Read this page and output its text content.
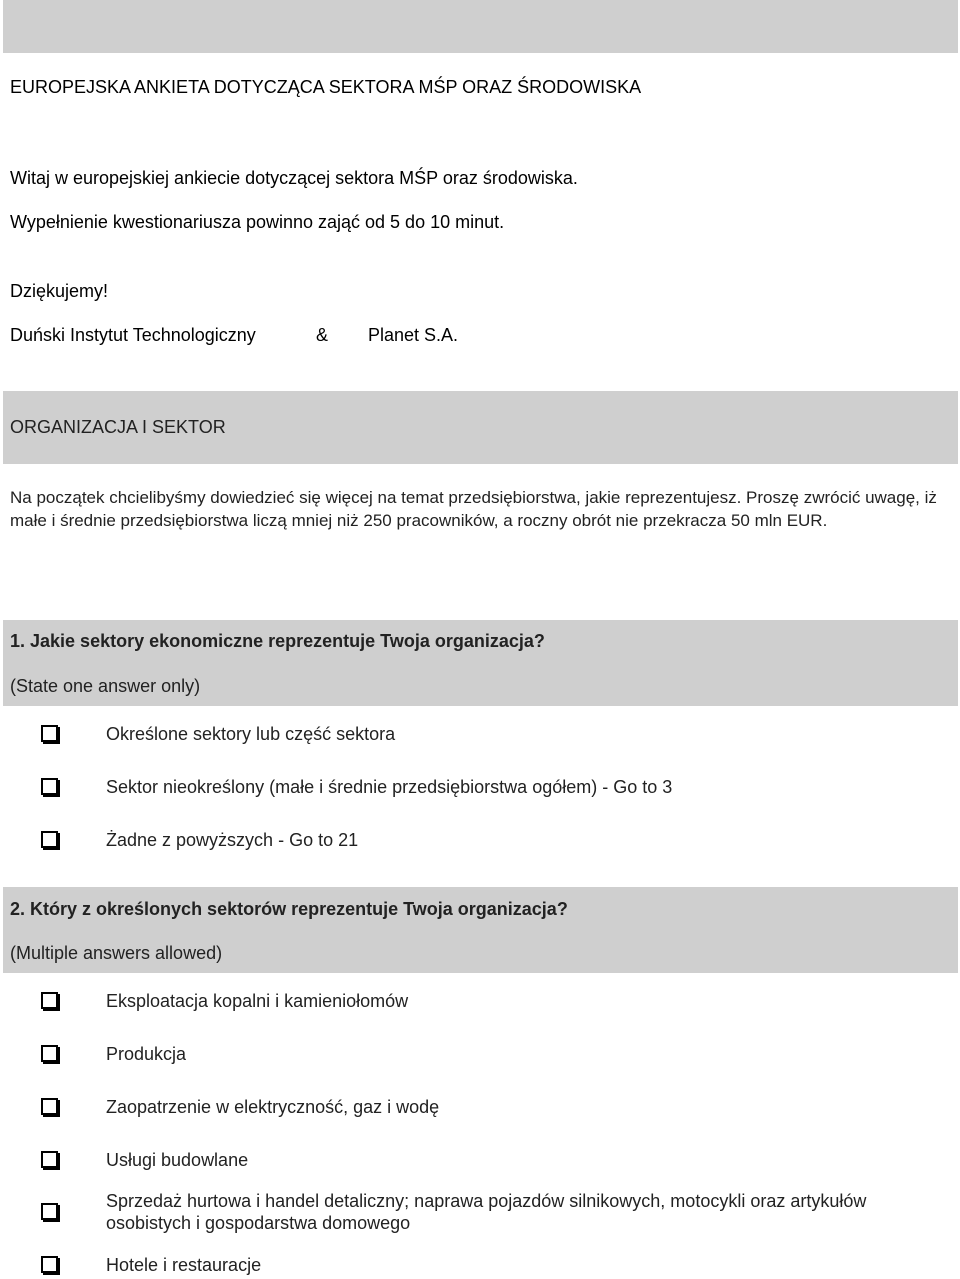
EUROPEJSKA ANKIETA DOTYCZĄCA SEKTORA MŚP ORAZ ŚRODOWISKA
Witaj w europejskiej ankiecie dotyczącej sektora MŚP oraz środowiska.
Wypełnienie kwestionariusza powinno zająć od 5 do 10 minut.
Dziękujemy!
Duński Instytut Technologiczny	& Planet S.A.
ORGANIZACJA I SEKTOR
Na początek chcielibyśmy dowiedzieć się więcej na temat przedsiębiorstwa, jakie reprezentujesz. Proszę zwrócić uwagę, iż małe i średnie przedsiębiorstwa liczą mniej niż 250 pracowników, a roczny obrót nie przekracza 50 mln EUR.
1. Jakie sektory ekonomiczne reprezentuje Twoja organizacja?
(State one answer only)
Określone sektory lub część sektora
Sektor nieokreślony (małe i średnie przedsiębiorstwa ogółem) - Go to 3
Żadne z powyższych - Go to 21
2. Który z określonych sektorów reprezentuje Twoja organizacja?
(Multiple answers allowed)
Eksploatacja kopalni i kamieniołomów
Produkcja
Zaopatrzenie w elektryczność, gaz i wodę
Usługi budowlane
Sprzedaż hurtowa i handel detaliczny; naprawa pojazdów silnikowych, motocykli oraz artykułów osobistych i gospodarstwa domowego
Hotele i restauracje
